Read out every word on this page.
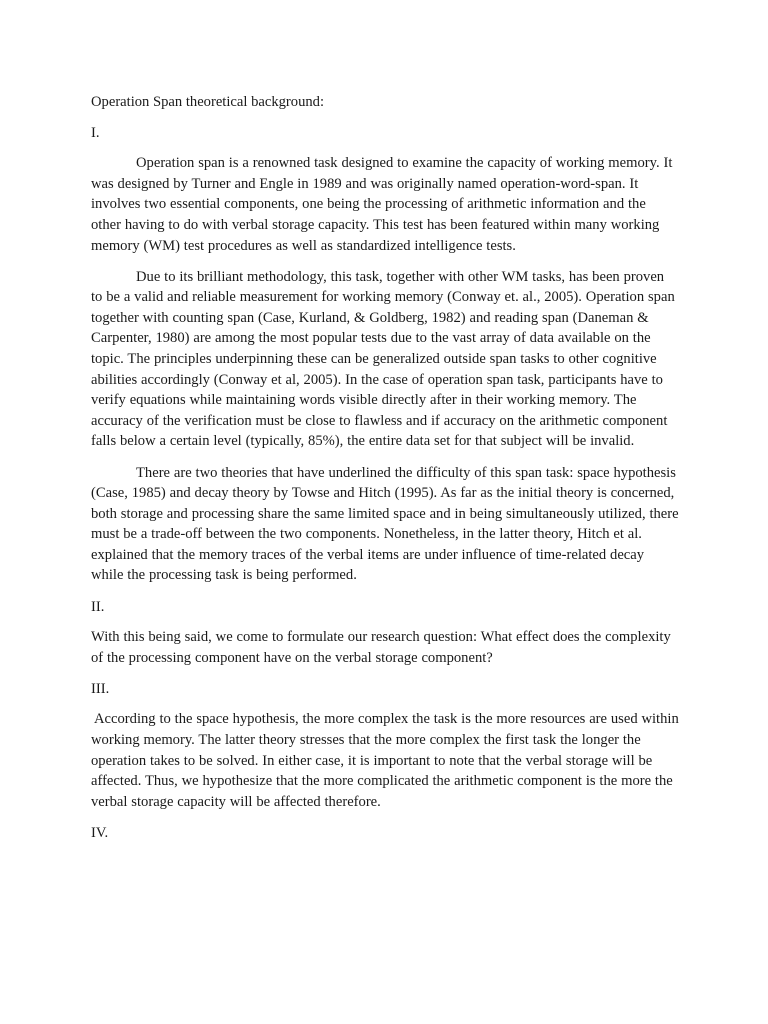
Operation Span theoretical background:

I.

Operation span is a renowned task designed to examine the capacity of working memory. It was designed by Turner and Engle in 1989 and was originally named operation-word-span. It involves two essential components, one being the processing of arithmetic information and the other having to do with verbal storage capacity. This test has been featured within many working memory (WM) test procedures as well as standardized intelligence tests.

Due to its brilliant methodology, this task, together with other WM tasks, has been proven to be a valid and reliable measurement for working memory (Conway et. al., 2005). Operation span together with counting span (Case, Kurland, & Goldberg, 1982) and reading span (Daneman & Carpenter, 1980) are among the most popular tests due to the vast array of data available on the topic. The principles underpinning these can be generalized outside span tasks to other cognitive abilities accordingly (Conway et al, 2005). In the case of operation span task, participants have to verify equations while maintaining words visible directly after in their working memory. The accuracy of the verification must be close to flawless and if accuracy on the arithmetic component falls below a certain level (typically, 85%), the entire data set for that subject will be invalid.

There are two theories that have underlined the difficulty of this span task: space hypothesis (Case, 1985) and decay theory by Towse and Hitch (1995). As far as the initial theory is concerned, both storage and processing share the same limited space and in being simultaneously utilized, there must be a trade-off between the two components. Nonetheless, in the latter theory, Hitch et al. explained that the memory traces of the verbal items are under influence of time-related decay while the processing task is being performed.

II.

With this being said, we come to formulate our research question: What effect does the complexity of the processing component have on the verbal storage component?

III.

According to the space hypothesis, the more complex the task is the more resources are used within working memory. The latter theory stresses that the more complex the first task the longer the operation takes to be solved. In either case, it is important to note that the verbal storage will be affected. Thus, we hypothesize that the more complicated the arithmetic component is the more the verbal storage capacity will be affected therefore.

IV.
